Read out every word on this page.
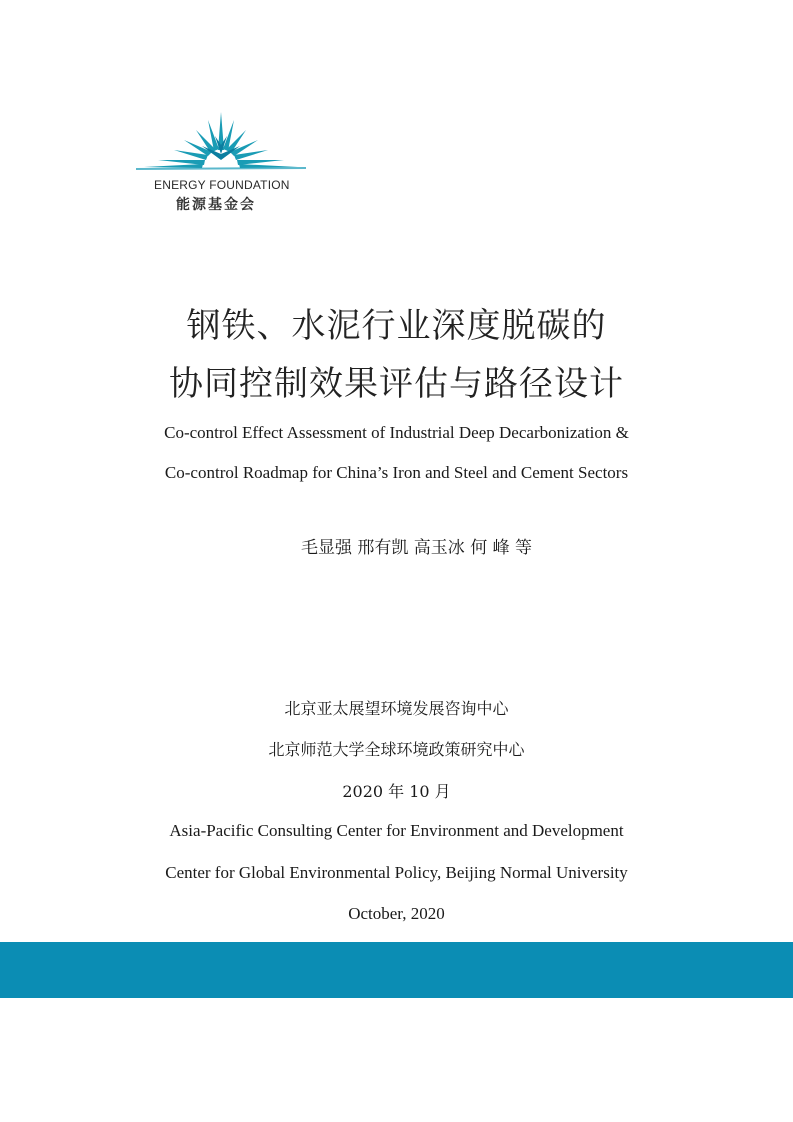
ENERGY FOUNDATION
能源基金会
钢铁、水泥行业深度脱碳的
协同控制效果评估与路径设计
Co-control Effect Assessment of Industrial Deep Decarbonization &
Co-control Roadmap for China’s Iron and Steel and Cement Sectors
毛显强 邢有凯 高玉冰 何 峰 等
北京亚太展望环境发展咨询中心
北京师范大学全球环境政策研究中心
2020 年 10 月
Asia-Pacific Consulting Center for Environment and Development
Center for Global Environmental Policy, Beijing Normal University
October, 2020
